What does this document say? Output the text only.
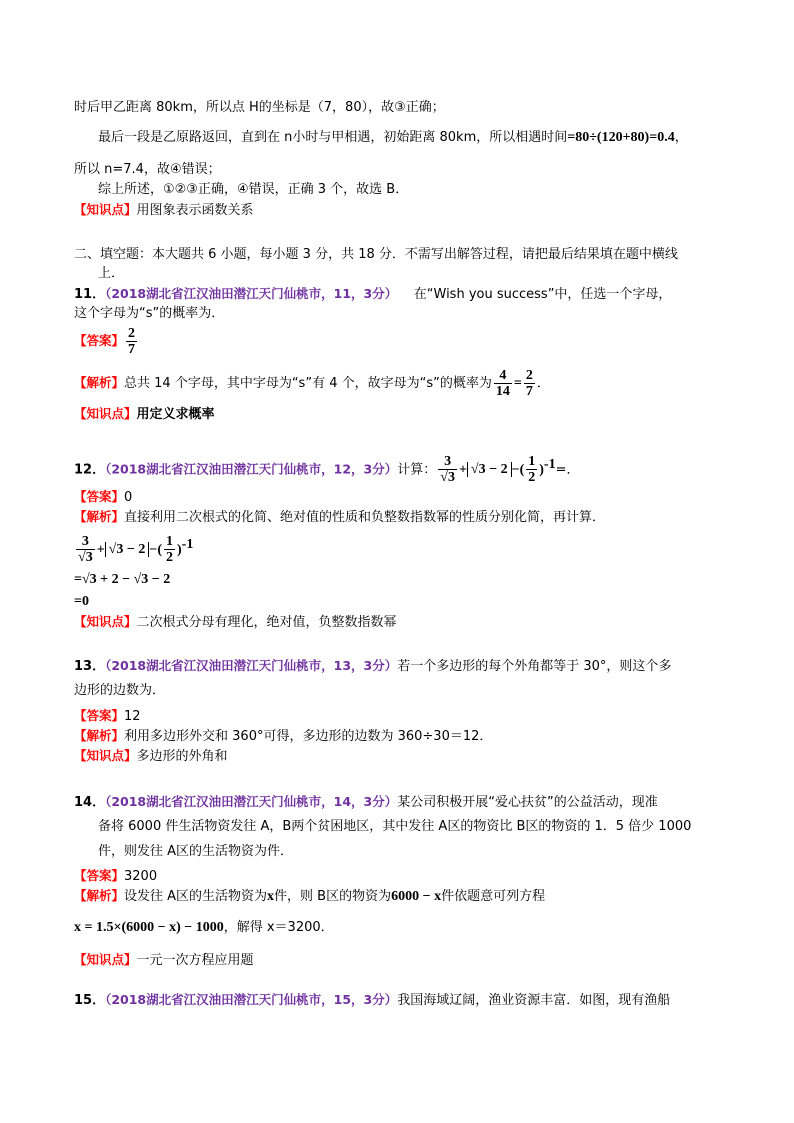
时后甲乙距离 80km，所以点 H的坐标是（7，80），故③正确；
最后一段是乙原路返回，直到在 n小时与甲相遇，初始距离 80km，所以相遇时间=80÷(120+80)=0.4，
所以 n=7.4，故④错误；
综上所述，①②③正确，④错误，正确 3 个，故选 B．
【知识点】用图象表示函数关系
二、填空题：本大题共 6 小题，每小题 3 分，共 18 分．不需写出解答过程，请把最后结果填在题中横线
上．
11．（2018湖北省江汉油田潜江天门仙桃市，11，3分） 在“Wish you success”中，任选一个字母，
这个字母为“s”的概率为．
【答案】 $\frac{2}{7}$
【解析】总共 14 个字母，其中字母为“s”有 4 个，故字母为“s”的概率为 $\frac{4}{14} = \frac{2}{7}$ ．
【知识点】用定义求概率
12．（2018湖北省江汉油田潜江天门仙桃市，12，3分）计算： $\frac{3}{√3} + √3 - 2$ −( $\frac{1}{2} )^{-1}=$．
【答案】0
【解析】直接利用二次根式的化简、绝对值的性质和负整数指数幂的性质分别化简，再计算．
$\frac{3}{√3} + √3 - 2$ −( $\frac{1}{2} )^{-1}$
=√3 + 2 − √3 − 2
=0
【知识点】二次根式分母有理化，绝对值，负整数指数幂
13．（2018湖北省江汉油田潜江天门仙桃市，13，3分）若一个多边形的每个外角都等于 30°，则这个多
边形的边数为．
【答案】12
【解析】利用多边形外交和 360°可得，多边形的边数为 360÷30＝12．
【知识点】多边形的外角和
14．（2018湖北省江汉油田潜江天门仙桃市，14，3分）某公司积极开展“爱心扶贫”的公益活动，现准
备将 6000 件生活物资发往 A，B两个贫困地区，其中发往 A区的物资比 B区的物资的 1．5 倍少 1000
件，则发往 A区的生活物资为件．
【答案】3200
【解析】设发往 A区的生活物资为x件，则 B区的物资为6000 − x件依题意可列方程
x = 1.5×(6000 − x) − 1000，解得 x＝3200．
【知识点】一元一次方程应用题
15．（2018湖北省江汉油田潜江天门仙桃市，15，3分）我国海域辽阔，渔业资源丰富．如图，现有渔船
